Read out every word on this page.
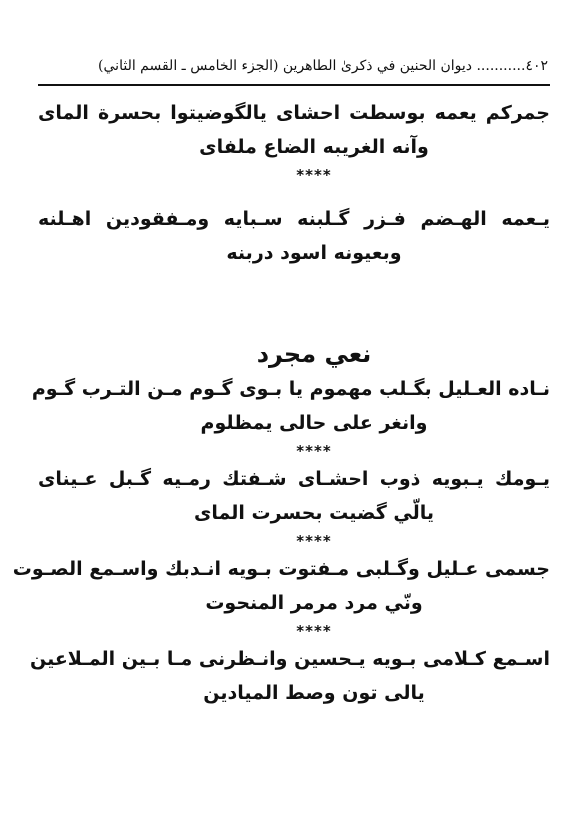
٤٠٢........... ديوان الحنين في ذكرىٰ الطاهرين (الجزء الخامس ـ القسم الثاني)
جمركم يعمه بوسطت احشاى يالگوضيتوا بحسرة الماى
وآنه الغريبه الضاع ملفاى
****
يـعمه الهـضم فـزر گـلبنه سـبايه ومـفقودين اهـلنه
وبعيونه اسود دربنه
نعي مجرد
نـاده العـليل بگـلب مهموم يا بـوى گـوم مـن التـرب گـوم
وانغر على حالى يمظلوم
****
يـومك يـبويه ذوب احشـاى شـفتك رمـيه گـبل عـيناى
يالّي گضيت بحسرت الماى
****
جسمى عـليل وگـلبى مـفتوت بـويه انـدبك واسـمع الصـوت
ونّي مرد مرمر المنحوت
****
اسـمع كـلامى بـويه يـحسين وانـظرنى مـا بـين المـلاعين
يالى تون وصط الميادين
